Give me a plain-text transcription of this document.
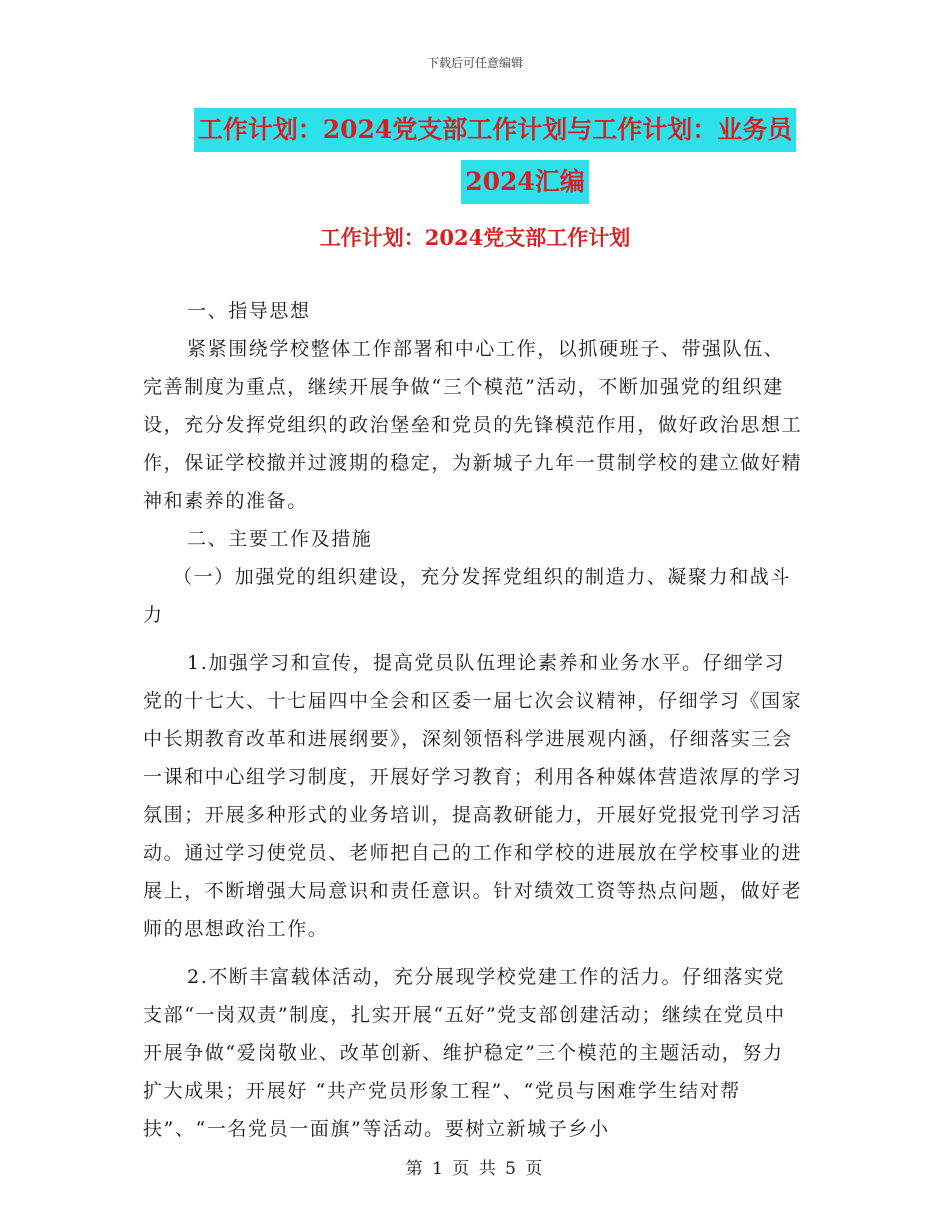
下载后可任意编辑
工作计划：2024党支部工作计划与工作计划：业务员
2024汇编
工作计划：2024党支部工作计划

一、指导思想

紧紧围绕学校整体工作部署和中心工作，以抓硬班子、带强队伍、完善制度为重点，继续开展争做“三个模范”活动，不断加强党的组织建设，充分发挥党组织的政治堡垒和党员的先锋模范作用，做好政治思想工作，保证学校撤并过渡期的稳定，为新城子九年一贯制学校的建立做好精神和素养的准备。

二、主要工作及措施

（一）加强党的组织建设，充分发挥党组织的制造力、凝聚力和战斗力

1.加强学习和宣传，提高党员队伍理论素养和业务水平。仔细学习党的十七大、十七届四中全会和区委一届七次会议精神，仔细学习《国家中长期教育改革和进展纲要》，深刻领悟科学进展观内涵，仔细落实三会一课和中心组学习制度，开展好学习教育；利用各种媒体营造浓厚的学习氛围；开展多种形式的业务培训，提高教研能力，开展好党报党刊学习活动。通过学习使党员、老师把自己的工作和学校的进展放在学校事业的进展上，不断增强大局意识和责任意识。针对绩效工资等热点问题，做好老师的思想政治工作。

2.不断丰富载体活动，充分展现学校党建工作的活力。仔细落实党支部“一岗双责”制度，扎实开展“五好”党支部创建活动；继续在党员中开展争做“爱岗敬业、改革创新、维护稳定”三个模范的主题活动，努力扩大成果；开展好 “共产党员形象工程”、“党员与困难学生结对帮扶”、“一名党员一面旗”等活动。要树立新城子乡小

第 1 页 共 5 页
